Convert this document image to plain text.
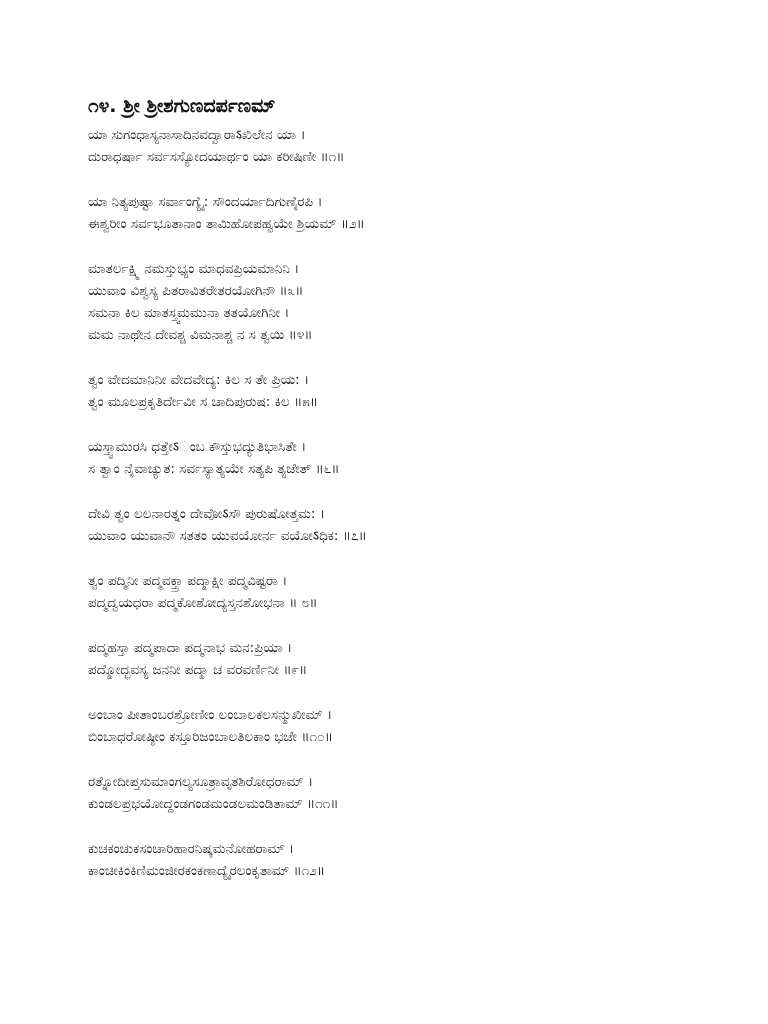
೧೪. ಶ್ರೀ ಶ್ರೀಶಗುಣದರ್ಪಣಮ್
ಯಾ ಸುಗಂಧಾಸ್ಯನಾಸಾದಿನವದ್ವಾರಾऽಖಿಲೇನ ಯಾ ।
ದುರಾಧರ್ಷಾ ಸರ್ವಸಸ್ಯೋದಯಾರ್ಥಂ ಯಾ ಕರೀಷಿಣೀ ॥೧॥
ಯಾ ನಿತ್ಯಪುಷ್ಟಾ ಸರ್ವಾಂಗ್ಯೈ: ಸೌಂದರ್ಯಾದಿಗುಣೈರಪಿ ।
ಈಶ್ವರೀಂ ಸರ್ವಭೂತಾನಾಂ ತಾಮಿಹೋಪಹ್ವಯೇ ಶ್ರಿಯಮ್ ॥೨॥
ಮಾತರ್ಲಕ್ಷ್ಮಿ ನಮಸ್ತುಭ್ಯಂ ಮಾಧವಪ್ರಿಯಮಾನಿನಿ ।
ಯುವಾಂ ವಿಶ್ವಸ್ಯ ಪಿತರಾವಿತರೇತರಯೋಗಿನೌ ॥೩॥
ಸಮನಾ ಕಿಲ ಮಾತಸ್ತ್ವಮಮುನಾ ತತಯೋಗಿನೀ ।
ಮಮ ನಾಥೇನ ದೇವಶ್ಚ ವಿಮನಾಶ್ಚ ನ ಸ ತ್ವಯಿ ॥೪॥
ತ್ವಂ ವೇದಮಾನಿನೀ ವೇದವೇದ್ಯ: ಕಿಲ ಸ ತೇ ಪ್ರಿಯ: ।
ತ್ವಂ ಮೂಲಪ್ರಕೃತಿರ್ದೇವೀ ಸ ಚಾದಿಪುರುಷ: ಕಿಲ ॥೫॥
ಯಸ್ತ್ವಾಮುರಸಿ ಧತ್ತೇऽಂಬ ಕೌಸ್ತುಭದ್ಯುತಿಭಾಸಿತೇ ।
ಸ ತ್ವಾಂ ನೈವಾಚ್ಯುತ: ಸರ್ವಸ್ಯಾತ್ಯಯೇ ಸತ್ಯಪಿ ತ್ಯಜೇತ್ ॥೬॥
ದೇವಿ ತ್ವಂ ಲಲನಾರತ್ನಂ ದೇವೋऽಸೌ ಪುರುಷೋತ್ತಮ: ।
ಯುವಾಂ ಯುವಾನೌ ಸತತಂ ಯುವಯೋರ್ನ ವಯೋऽಧಿಕ: ॥೭॥
ತ್ವಂ ಪದ್ಮಿನೀ ಪದ್ಮವಕ್ತ್ರಾ ಪದ್ಮಾಕ್ಷೀ ಪದ್ಮವಿಷ್ಟರಾ ।
ಪದ್ಮದ್ವಯಧರಾ ಪದ್ಮಕೋಶೋದ್ಯಸ್ತನಶೋಭನಾ ॥ ೮॥
ಪದ್ಮಹಸ್ತಾ ಪದ್ಮಪಾದಾ ಪದ್ಮನಾಭ ಮನ:ಪ್ರಿಯಾ ।
ಪದ್ಮೋದ್ಭವಸ್ಯ ಜನನೀ ಪದ್ಮಾ ಚ ವರವರ್ಣಿನೀ ॥೯॥
ಅಂಬಾಂ ಪೀತಾಂಬರಶ್ರೋಣೀಂ ಲಂಬಾಲಕಲಸನ್ಮುಖೀಮ್ ।
ಬಿಂಬಾಧರೋಷ್ಠೀಂ ಕಸ್ತೂರಿಜಂಬಾಲತಿಲಕಾಂ ಭಜೇ ॥೧೦॥
ರತ್ನೋದೀಪ್ತಸುಮಾಂಗಲ್ಯಸೂತ್ರಾವೃತಶಿರೋಧರಾಮ್ ।
ಕುಂಡಲಪ್ರಭಯೋದ್ದಂಡಗಂಡಮಂಡಲಮಂಡಿತಾಮ್ ॥೧೧॥
ಕುಚಕಂಚುಕಸಂಚಾರಿಹಾರನಿಷ್ಕಮನೋಹರಾಮ್ ।
ಕಾಂಚೀಕಿಂಕಿಣಿಮಂಜೀರಕಂಕಣಾದ್ಯೈರಲಂಕೃತಾಮ್ ॥೧೨॥
